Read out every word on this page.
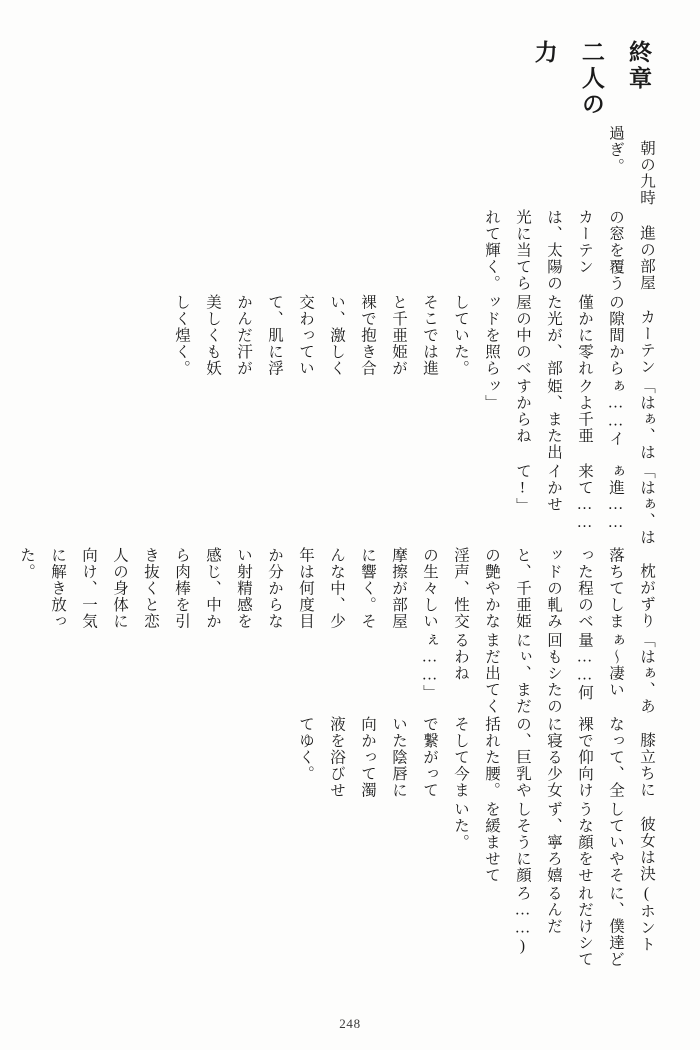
終章 二人の力
朝の九時過ぎ。
進の部屋の窓を覆うカーテンは、太陽の光に当てられて輝く。
カーテンの隙間から僅かに零れた光が、部屋の中のベッドを照らしていた。そこでは進と千亜姫が裸で抱き合い、激しく交わっていて、肌に浮かんだ汗が美しくも妖しく煌く。
「はぁ、はぁ……イクよ千亜姫、また出すからねッ」
「はぁ、はぁ進……来て……イかせて!」
枕がずり落ちてしまった程のベッドの軋みと、千亜姫の艶やかな淫声、性交の生々しい摩擦が部屋に響く。そんな中、少年は何度目か分からない射精感を感じ、中から肉棒を引き抜くと恋人の身体に向け、一気に解き放った。
「はぁ、あぁ〜凄い量……何回もシたのにぃ、まだまだ出てくるわねぇ……」
膝立ちになって、全裸で仰向けに寝る少女の、巨乳や括れた腰。そして今まで繋がっていた陰唇に向かって濁液を浴びせてゆく。
彼女は決していやそうな顔をせず、寧ろ嬉しそうに顔を緩ませていた。
(ホントに、僕達どれだけシてるんだろ……)
248
